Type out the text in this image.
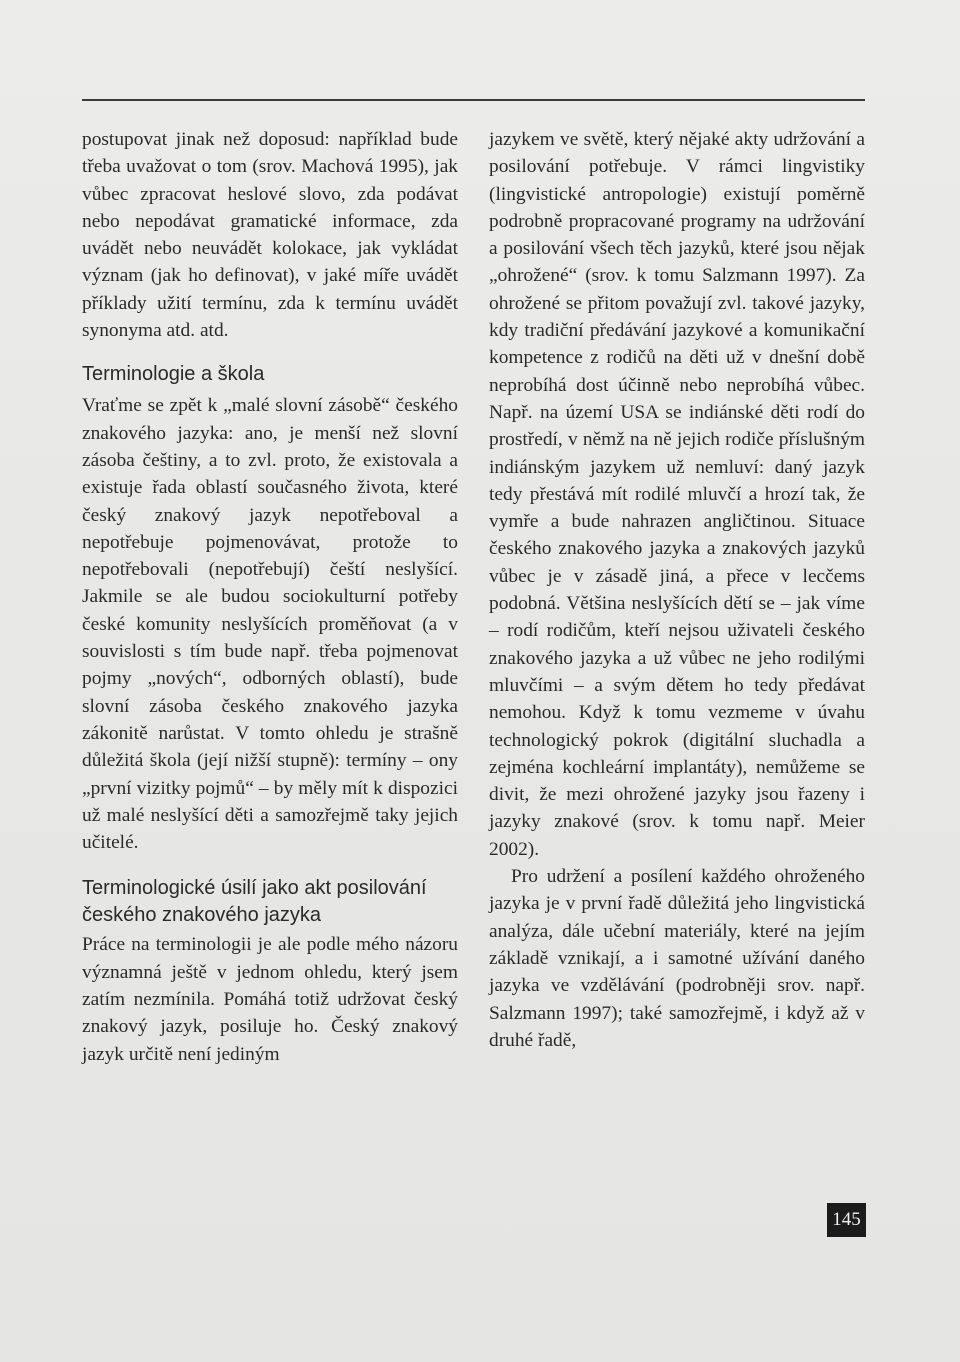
postupovat jinak než doposud: například bude třeba uvažovat o tom (srov. Machová 1995), jak vůbec zpracovat heslové slovo, zda podávat nebo nepodávat gramatické informace, zda uvádět nebo neuvádět kolokace, jak vykládat význam (jak ho definovat), v jaké míře uvádět příklady užití termínu, zda k termínu uvádět synonyma atd. atd.

Terminologie a škola

Vraťme se zpět k „malé slovní zásobě“ českého znakového jazyka: ano, je menší než slovní zásoba češtiny, a to zvl. proto, že existovala a existuje řada oblastí současného života, které český znakový jazyk nepotřeboval a nepotřebuje pojmenovávat, protože to nepotřebovali (nepotřebují) čeští neslyšící. Jakmile se ale budou sociokulturní potřeby české komunity neslyšících proměňovat (a v souvislosti s tím bude např. třeba pojmenovat pojmy „nových“, odborných oblastí), bude slovní zásoba českého znakového jazyka zákonitě narůstat. V tomto ohledu je strašně důležitá škola (její nižší stupně): termíny – ony „první vizitky pojmů“ – by měly mít k dispozici už malé neslyšící děti a samozřejmě taky jejich učitelé.

Terminologické úsilí jako akt posilování českého znakového jazyka

Práce na terminologii je ale podle mého názoru významná ještě v jednom ohledu, který jsem zatím nezmínila. Pomáhá totiž udržovat český znakový jazyk, posiluje ho. Český znakový jazyk určitě není jediným

jazykem ve světě, který nějaké akty udržování a posilování potřebuje. V rámci lingvistiky (lingvistické antropologie) existují poměrně podrobně propracované programy na udržování a posilování všech těch jazyků, které jsou nějak „ohrožené“ (srov. k tomu Salzmann 1997). Za ohrožené se přitom považují zvl. takové jazyky, kdy tradiční předávání jazykové a komunikační kompetence z rodičů na děti už v dnešní době neprobíhá dost účinně nebo neprobíhá vůbec. Např. na území USA se indiánské děti rodí do prostředí, v němž na ně jejich rodiče příslušným indiánským jazykem už nemluví: daný jazyk tedy přestává mít rodilé mluvčí a hrozí tak, že vymře a bude nahrazen angličtinou. Situace českého znakového jazyka a znakových jazyků vůbec je v zásadě jiná, a přece v lecčems podobná. Většina neslyšících dětí se – jak víme – rodí rodičům, kteří nejsou uživateli českého znakového jazyka a už vůbec ne jeho rodilými mluvčími – a svým dětem ho tedy předávat nemohou. Když k tomu vezmeme v úvahu technologický pokrok (digitální sluchadla a zejména kochleární implantáty), nemůžeme se divit, že mezi ohrožené jazyky jsou řazeny i jazyky znakové (srov. k tomu např. Meier 2002).

Pro udržení a posílení každého ohroženého jazyka je v první řadě důležitá jeho lingvistická analýza, dále učební materiály, které na jejím základě vznikají, a i samotné užívání daného jazyka ve vzdělávání (podrobněji srov. např. Salzmann 1997); také samozřejmě, i když až v druhé řadě,

145
